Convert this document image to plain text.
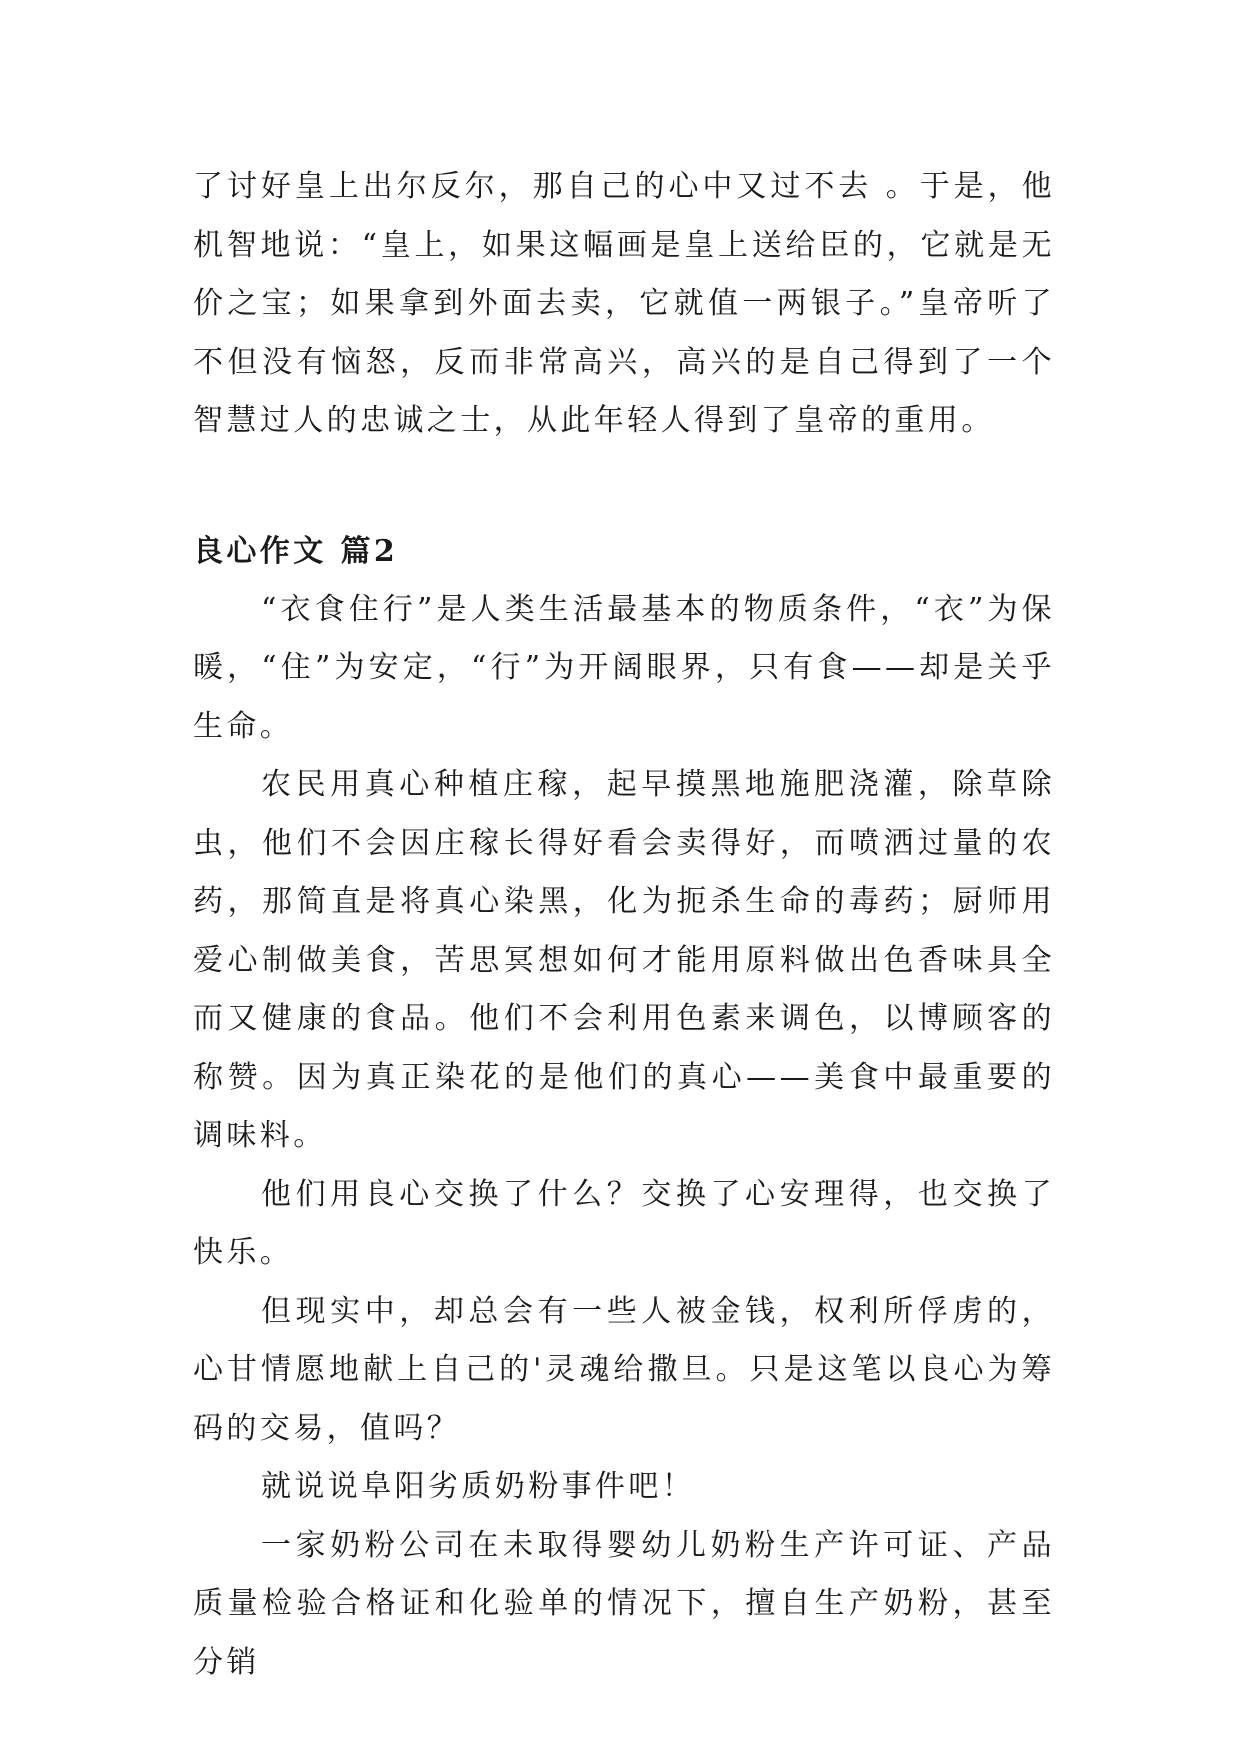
了讨好皇上出尔反尔，那自己的心中又过不去 。于是，他机智地说：“皇上，如果这幅画是皇上送给臣的，它就是无价之宝；如果拿到外面去卖，它就值一两银子。”皇帝听了不但没有恼怒，反而非常高兴，高兴的是自己得到了一个智慧过人的忠诚之士，从此年轻人得到了皇帝的重用。

良心作文 篇2

“衣食住行”是人类生活最基本的物质条件，“衣”为保暖，“住”为安定，“行”为开阔眼界，只有食——却是关乎生命。

农民用真心种植庄稼，起早摸黑地施肥浇灌，除草除虫，他们不会因庄稼长得好看会卖得好，而喷洒过量的农药，那简直是将真心染黑，化为扼杀生命的毒药；厨师用爱心制做美食，苦思冥想如何才能用原料做出色香味具全而又健康的食品。他们不会利用色素来调色，以博顾客的称赞。因为真正染花的是他们的真心——美食中最重要的调味料。

他们用良心交换了什么？交换了心安理得，也交换了快乐。

但现实中，却总会有一些人被金钱，权利所俘虏的，心甘情愿地献上自己的'灵魂给撒旦。只是这笔以良心为筹码的交易，值吗？

就说说阜阳劣质奶粉事件吧！

一家奶粉公司在未取得婴幼儿奶粉生产许可证、产品质量检验合格证和化验单的情况下，擅自生产奶粉，甚至分销
